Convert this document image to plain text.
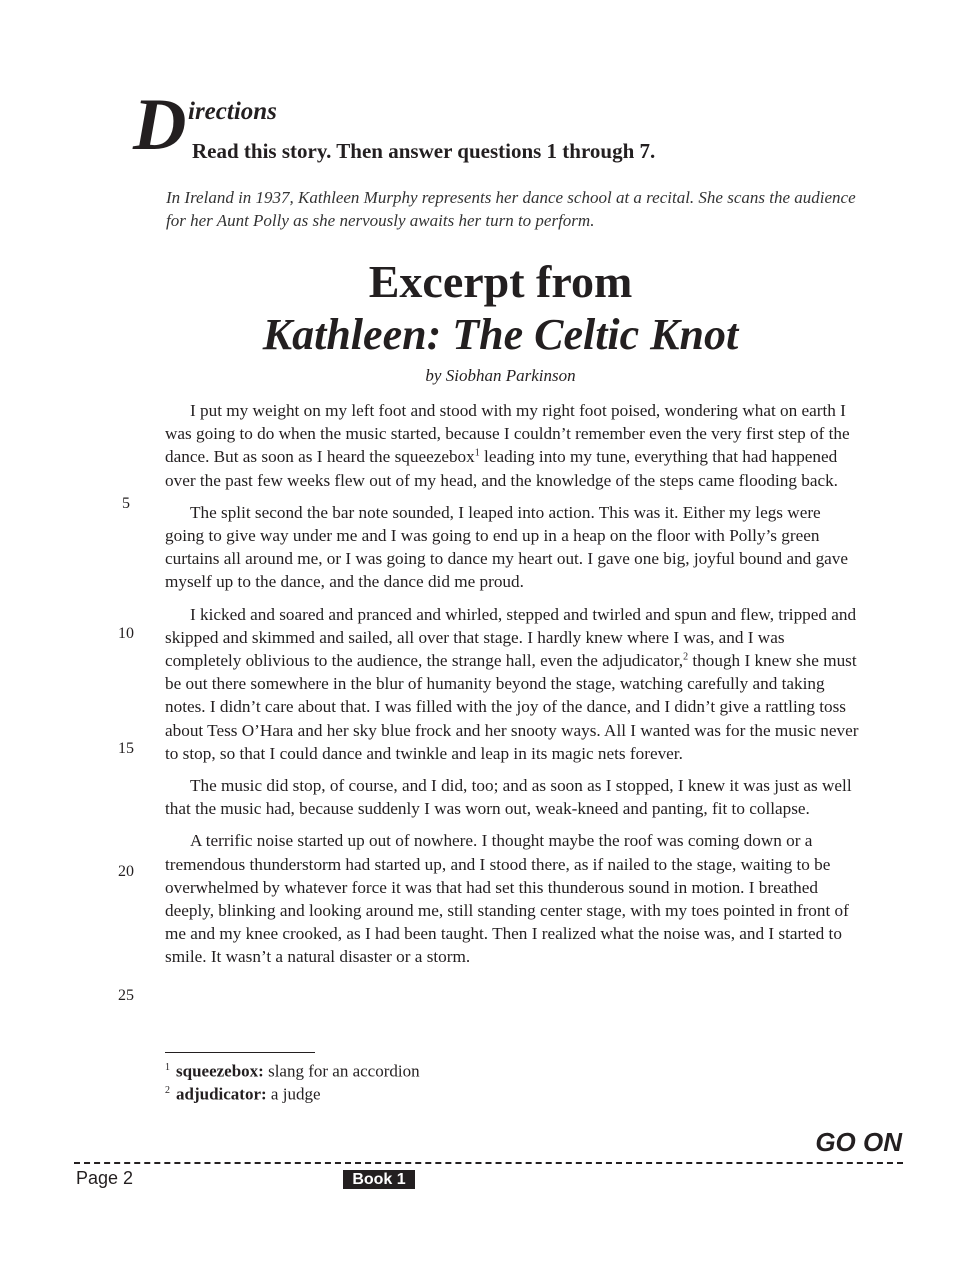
D irections
Read this story. Then answer questions 1 through 7.
In Ireland in 1937, Kathleen Murphy represents her dance school at a recital. She scans the audience for her Aunt Polly as she nervously awaits her turn to perform.
Excerpt from
Kathleen: The Celtic Knot
by Siobhan Parkinson

I put my weight on my left foot and stood with my right foot poised, wondering what on earth I was going to do when the music started, because I couldn’t remember even the very first step of the dance. But as soon as I heard the squeezebox$^1$ leading into my tune, everything that had happened over the past few weeks flew out of my head, and the knowledge of the steps came flooding back.

The split second the bar note sounded, I leaped into action. This was it. Either my legs were going to give way under me and I was going to end up in a heap on the floor with Polly’s green curtains all around me, or I was going to dance my heart out. I gave one big, joyful bound and gave myself up to the dance, and the dance did me proud.

I kicked and soared and pranced and whirled, stepped and twirled and spun and flew, tripped and skipped and skimmed and sailed, all over that stage. I hardly knew where I was, and I was completely oblivious to the audience, the strange hall, even the adjudicator,$^2$ though I knew she must be out there somewhere in the blur of humanity beyond the stage, watching carefully and taking notes. I didn’t care about that. I was filled with the joy of the dance, and I didn’t give a rattling toss about Tess O’Hara and her sky blue frock and her snooty ways. All I wanted was for the music never to stop, so that I could dance and twinkle and leap in its magic nets forever.

The music did stop, of course, and I did, too; and as soon as I stopped, I knew it was just as well that the music had, because suddenly I was worn out, weak-kneed and panting, fit to collapse.

A terrific noise started up out of nowhere. I thought maybe the roof was coming down or a tremendous thunderstorm had started up, and I stood there, as if nailed to the stage, waiting to be overwhelmed by whatever force it was that had set this thunderous sound in motion. I breathed deeply, blinking and looking around me, still standing center stage, with my toes pointed in front of me and my knee crooked, as I had been taught. Then I realized what the noise was, and I started to smile. It wasn’t a natural disaster or a storm.

5
10
15
20
25
$^1$ squeezebox: slang for an accordion
$^2$ adjudicator: a judge
GO ON
Page 2	Book 1
